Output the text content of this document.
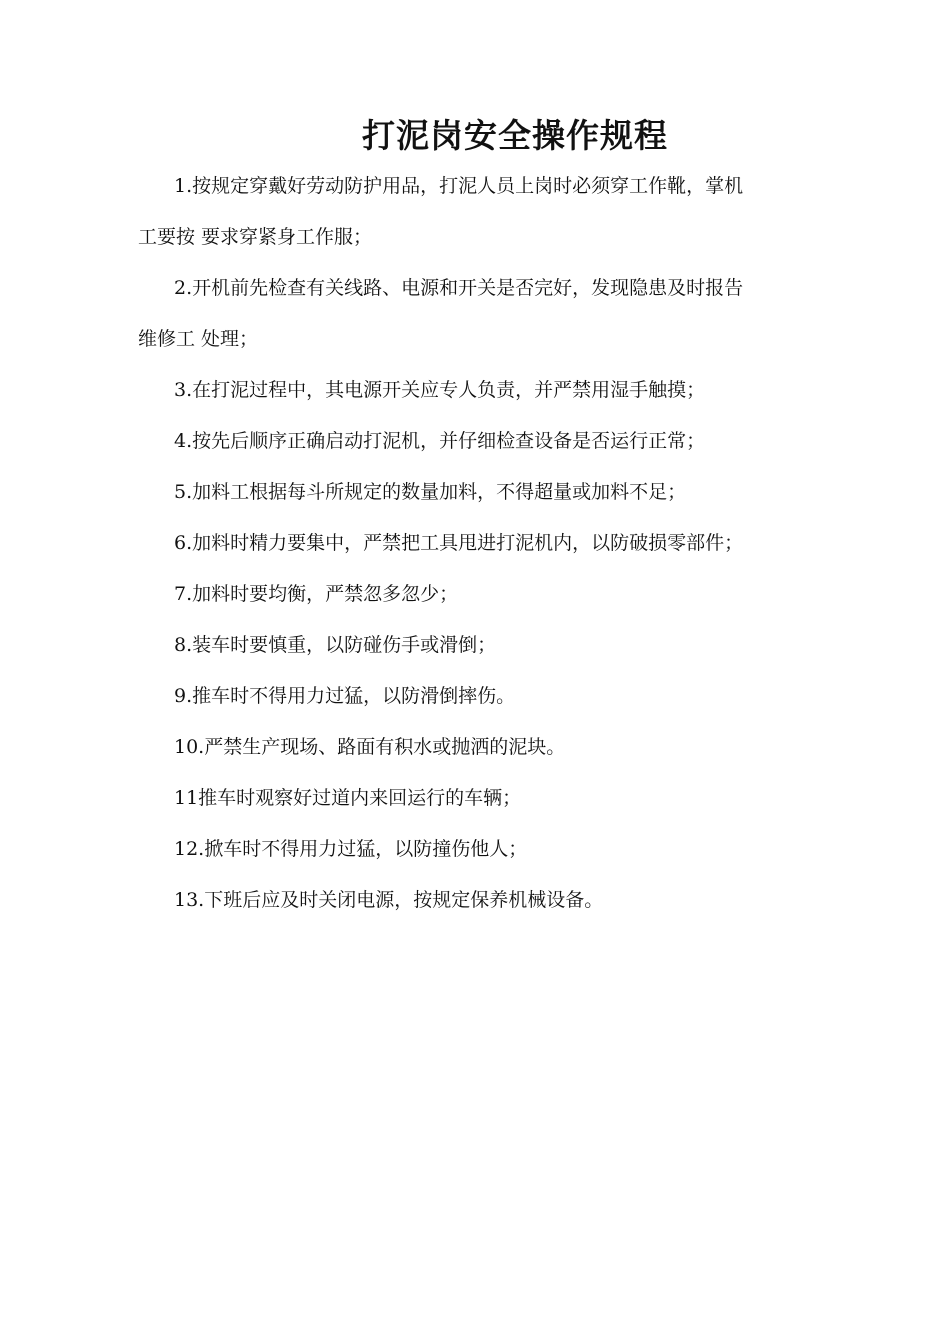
打泥岗安全操作规程

1.按规定穿戴好劳动防护用品，打泥人员上岗时必须穿工作靴，掌机
工要按 要求穿紧身工作服；

2.开机前先检查有关线路、电源和开关是否完好，发现隐患及时报告
维修工 处理；

3.在打泥过程中，其电源开关应专人负责，并严禁用湿手触摸；

4.按先后顺序正确启动打泥机，并仔细检查设备是否运行正常；

5.加料工根据每斗所规定的数量加料，不得超量或加料不足；

6.加料时精力要集中，严禁把工具甩进打泥机内，以防破损零部件；

7.加料时要均衡，严禁忽多忽少；

8.装车时要慎重，以防碰伤手或滑倒；

9.推车时不得用力过猛，以防滑倒摔伤。

10.严禁生产现场、路面有积水或抛洒的泥块。

11推车时观察好过道内来回运行的车辆；

12.掀车时不得用力过猛，以防撞伤他人；

13.下班后应及时关闭电源，按规定保养机械设备。
